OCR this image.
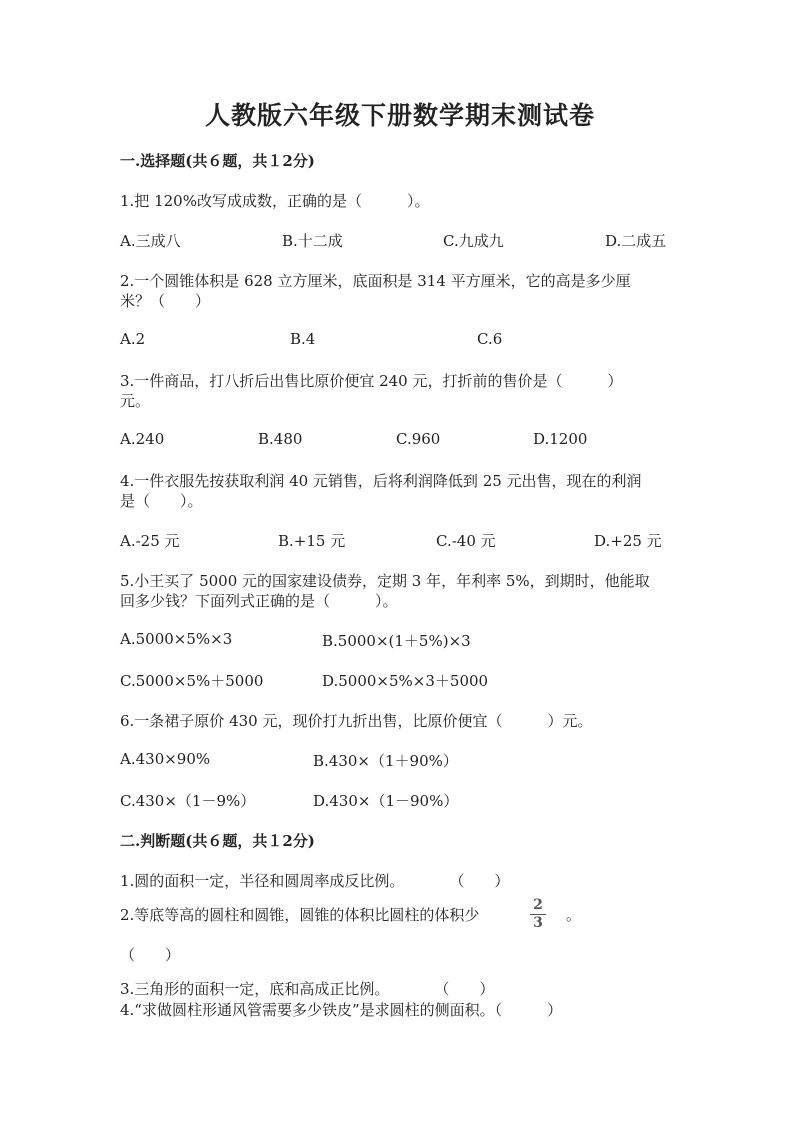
人教版六年级下册数学期末测试卷
一.选择题(共６题，共１2分)
1.把 120%改写成成数，正确的是（　　　）。
A.三成八	B.十二成	C.九成九	D.二成五
2.一个圆锥体积是 628 立方厘米，底面积是 314 平方厘米，它的高是多少厘
米？（　　）
A.2	B.4	C.6
3.一件商品，打八折后出售比原价便宜 240 元，打折前的售价是（　　　）
元。
A.240	B.480	C.960	D.1200
4.一件衣服先按获取利润 40 元销售，后将利润降低到 25 元出售，现在的利润
是（　　）。
A.-25 元	B.+15 元	C.-40 元	D.+25 元
5.小王买了 5000 元的国家建设债券，定期 3 年，年利率 5%，到期时，他能取
回多少钱？下面列式正确的是（　　　）。
A.5000×5%×3	B.5000×(1＋5%)×3
C.5000×5%＋5000	D.5000×5%×3＋5000
6.一条裙子原价 430 元，现价打九折出售，比原价便宜（　　　）元。
A.430×90%	B.430×（1＋90%）
C.430×（1－9%）	D.430×（1－90%）
二.判断题(共６题，共１2分)
1.圆的面积一定，半径和圆周率成反比例。　　　　（　　）
2.等底等高的圆柱和圆锥，圆锥的体积比圆柱的体积少
2
3	。
（　　）
3.三角形的面积一定，底和高成正比例。　　　　（　　）
4.“求做圆柱形通风管需要多少铁皮”是求圆柱的侧面积。（　　　）
